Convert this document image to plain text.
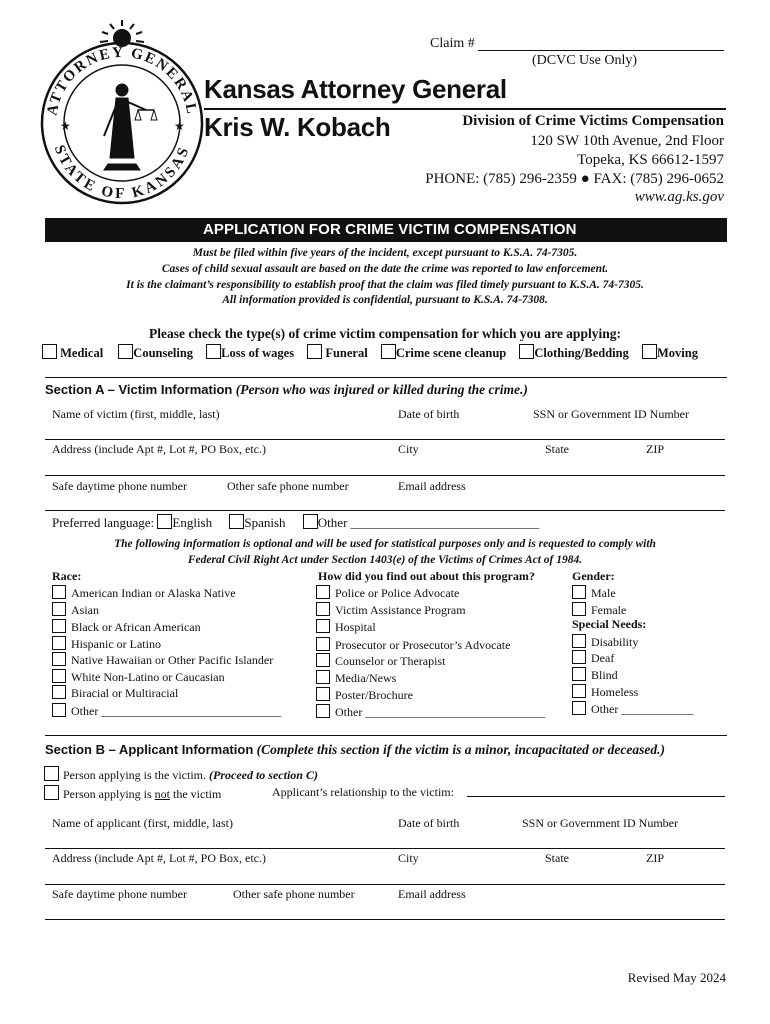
ATTORNEY GENERAL
STATE OF KANSAS
★	★
Claim #
(DCVC Use Only)
Kansas Attorney General
Kris W. Kobach	Division of Crime Victims Compensation
120 SW 10th Avenue, 2nd Floor
Topeka, KS 66612-1597
PHONE: (785) 296-2359 ● FAX: (785) 296-0652
www.ag.ks.gov
APPLICATION FOR CRIME VICTIM COMPENSATION
Must be filed within five years of the incident, except pursuant to K.S.A. 74-7305.
Cases of child sexual assault are based on the date the crime was reported to law enforcement.
It is the claimant’s responsibility to establish proof that the claim was filed timely pursuant to K.S.A. 74-7305.
All information provided is confidential, pursuant to K.S.A. 74-7308.
Please check the type(s) of crime victim compensation for which you are applying:
Medical Counseling Loss of wages	Funeral Crime scene cleanup Clothing/Bedding Moving
Section A – Victim Information (Person who was injured or killed during the crime.)
Name of victim (first, middle, last)	Date of birth	SSN or Government ID Number
Address (include Apt #, Lot #, PO Box, etc.)	City	State	ZIP
Safe daytime phone number	Other safe phone number	Email address
Preferred language: English Spanish Other _____________________________
The following information is optional and will be used for statistical purposes only and is requested to comply with
Federal Civil Right Act under Section 1403(e) of the Victims of Crimes Act of 1984.
Race:
American Indian or Alaska Native
Asian
Black or African American
Hispanic or Latino
Native Hawaiian or Other Pacific Islander
White Non-Latino or Caucasian
Biracial or Multiracial
Other ______________________________
How did you find out about this program?
Police or Police Advocate
Victim Assistance Program
Hospital
Prosecutor or Prosecutor’s Advocate
Counselor or Therapist
Media/News
Poster/Brochure
Other ______________________________
Gender:
Male
Female
Special Needs:
Disability
Deaf
Blind
Homeless
Other ____________
Section B – Applicant Information (Complete this section if the victim is a minor, incapacitated or deceased.)
Person applying is the victim. (Proceed to section C)
Person applying is not the victim	Applicant’s relationship to the victim:
Name of applicant (first, middle, last)	Date of birth	SSN or Government ID Number
Address (include Apt #, Lot #, PO Box, etc.)	City	State	ZIP
Safe daytime phone number	Other safe phone number	Email address
Revised May 2024
